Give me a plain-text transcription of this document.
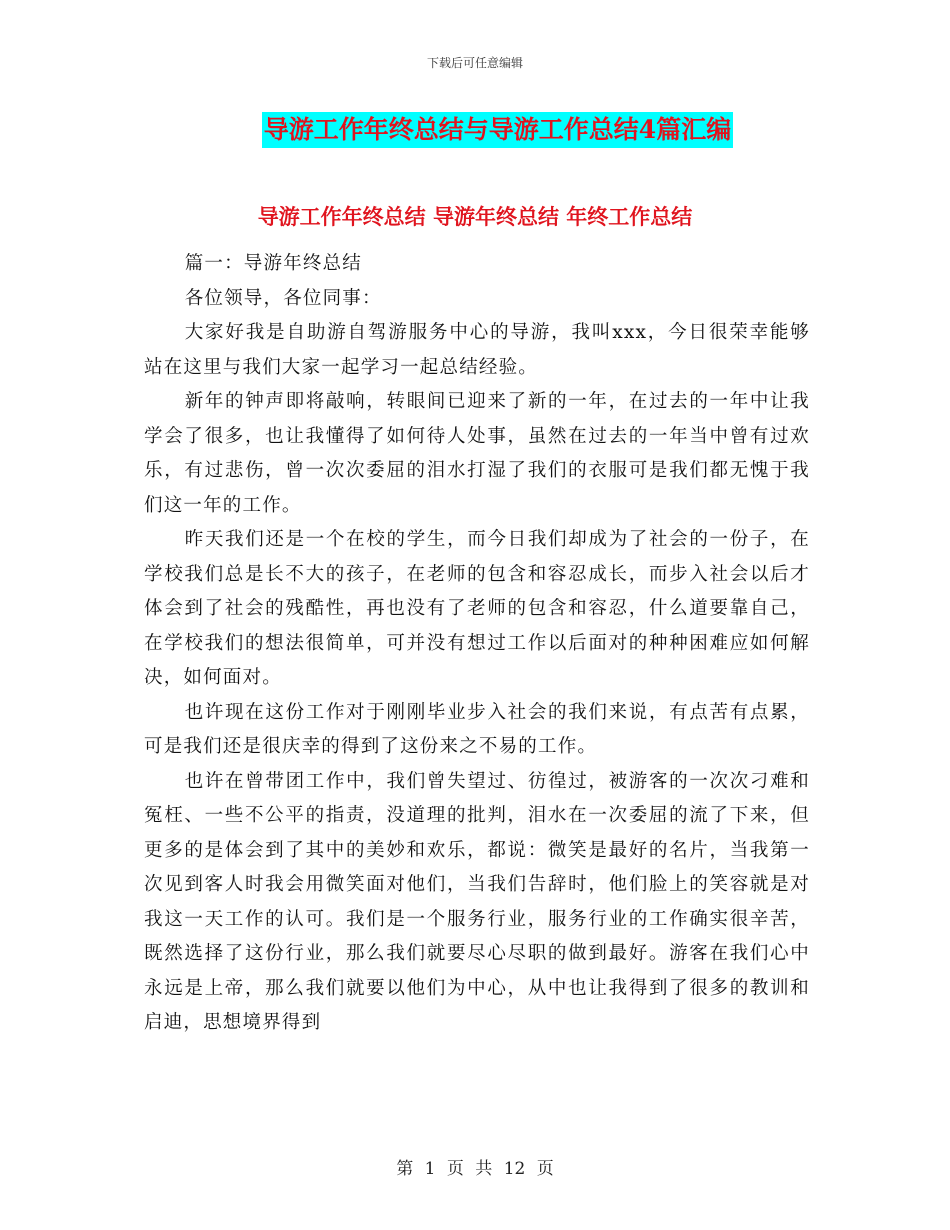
下载后可任意编辑
导游工作年终总结与导游工作总结4篇汇编
导游工作年终总结 导游年终总结 年终工作总结

篇一：导游年终总结

各位领导，各位同事：

大家好我是自助游自驾游服务中心的导游，我叫xxx，今日很荣幸能够站在这里与我们大家一起学习一起总结经验。

新年的钟声即将敲响，转眼间已迎来了新的一年，在过去的一年中让我学会了很多，也让我懂得了如何待人处事，虽然在过去的一年当中曾有过欢乐，有过悲伤，曾一次次委屈的泪水打湿了我们的衣服可是我们都无愧于我们这一年的工作。

昨天我们还是一个在校的学生，而今日我们却成为了社会的一份子，在学校我们总是长不大的孩子，在老师的包含和容忍成长，而步入社会以后才体会到了社会的残酷性，再也没有了老师的包含和容忍，什么道要靠自己，在学校我们的想法很简单，可并没有想过工作以后面对的种种困难应如何解决，如何面对。

也许现在这份工作对于刚刚毕业步入社会的我们来说，有点苦有点累，可是我们还是很庆幸的得到了这份来之不易的工作。

也许在曾带团工作中，我们曾失望过、彷徨过，被游客的一次次刁难和冤枉、一些不公平的指责，没道理的批判，泪水在一次委屈的流了下来，但更多的是体会到了其中的美妙和欢乐，都说：微笑是最好的名片，当我第一次见到客人时我会用微笑面对他们，当我们告辞时，他们脸上的笑容就是对我这一天工作的认可。我们是一个服务行业，服务行业的工作确实很辛苦，既然选择了这份行业，那么我们就要尽心尽职的做到最好。游客在我们心中永远是上帝，那么我们就要以他们为中心，从中也让我得到了很多的教训和启迪，思想境界得到

第 1 页 共 12 页
